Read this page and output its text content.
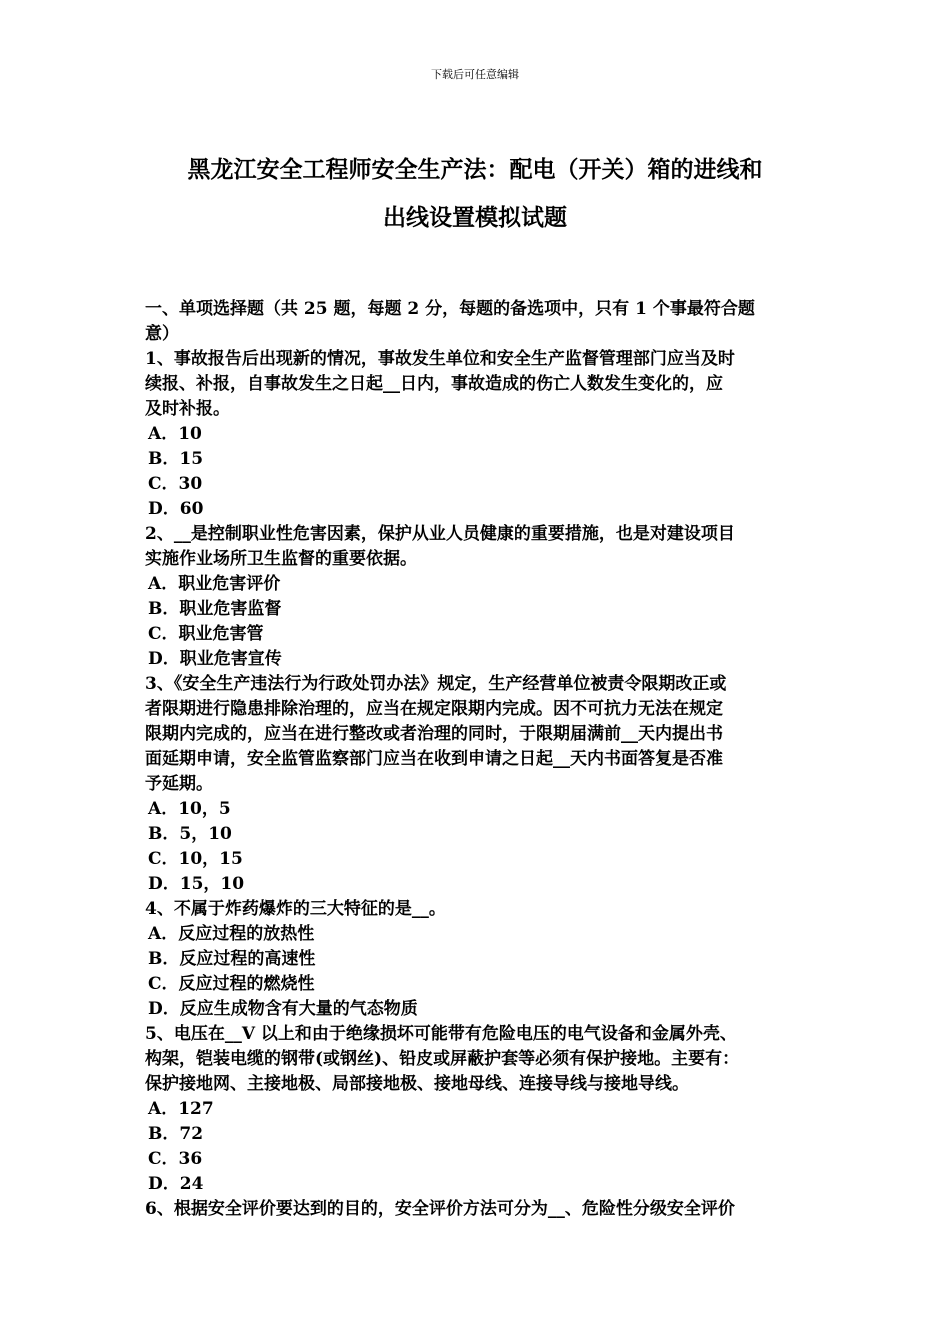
下载后可任意编辑
黑龙江安全工程师安全生产法：配电（开关）箱的进线和
出线设置模拟试题

一、单项选择题（共 25 题，每题 2 分，每题的备选项中，只有 1 个事最符合题

意）

1、事故报告后出现新的情况，事故发生单位和安全生产监督管理部门应当及时

续报、补报，自事故发生之日起__日内，事故造成的伤亡人数发生变化的，应

及时补报。

A．10

B．15

C．30

D．60

2、__是控制职业性危害因素，保护从业人员健康的重要措施，也是对建设项目

实施作业场所卫生监督的重要依据。

A．职业危害评价

B．职业危害监督

C．职业危害管

D．职业危害宣传

3、《安全生产违法行为行政处罚办法》规定，生产经营单位被责令限期改正或

者限期进行隐患排除治理的，应当在规定限期内完成。因不可抗力无法在规定

限期内完成的，应当在进行整改或者治理的同时，于限期届满前__天内提出书

面延期申请，安全监管监察部门应当在收到申请之日起__天内书面答复是否准

予延期。

A．10，5

B．5，10

C．10，15

D．15，10

4、不属于炸药爆炸的三大特征的是__。

A．反应过程的放热性

B．反应过程的高速性

C．反应过程的燃烧性

D．反应生成物含有大量的气态物质

5、电压在__V 以上和由于绝缘损坏可能带有危险电压的电气设备和金属外壳、

构架，铠装电缆的钢带(或钢丝)、铅皮或屏蔽护套等必须有保护接地。主要有：

保护接地网、主接地极、局部接地极、接地母线、连接导线与接地导线。

A．127

B．72

C．36

D．24

6、根据安全评价要达到的目的，安全评价方法可分为__、危险性分级安全评价
